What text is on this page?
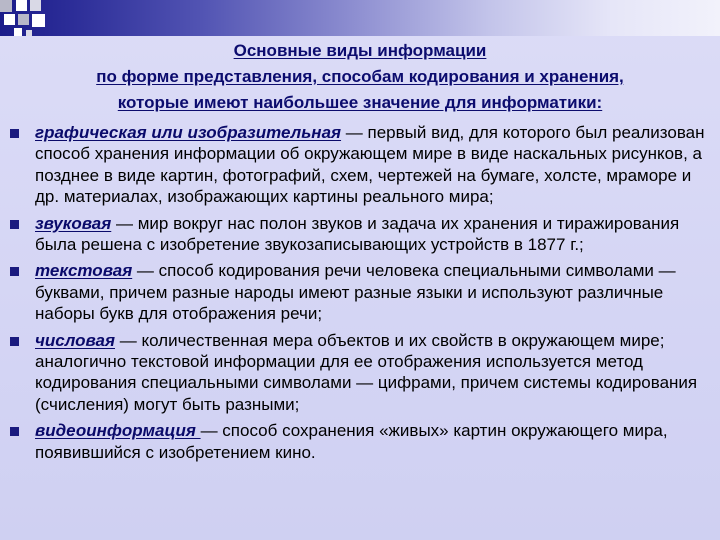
Основные виды информации
по форме представления, способам кодирования и хранения,
которые имеют наибольшее значение для информатики:
графическая или изобразительная — первый вид, для которого был реализован способ хранения информации об окружающем мире в виде наскальных рисунков, а позднее в виде картин, фотографий, схем, чертежей на бумаге, холсте, мраморе и др. материалах, изображающих картины реального мира;
звуковая — мир вокруг нас полон звуков и задача их хранения и тиражирования была решена с изобретение звукозаписывающих устройств в 1877 г.;
текстовая — способ кодирования речи человека специальными символами — буквами, причем разные народы имеют разные языки и используют различные наборы букв для отображения речи;
числовая — количественная мера объектов и их свойств в окружающем мире; аналогично текстовой информации для ее отображения используется метод кодирования специальными символами — цифрами, причем системы кодирования (счисления) могут быть разными;
видеоинформация — способ сохранения «живых» картин окружающего мира, появившийся с изобретением кино.
